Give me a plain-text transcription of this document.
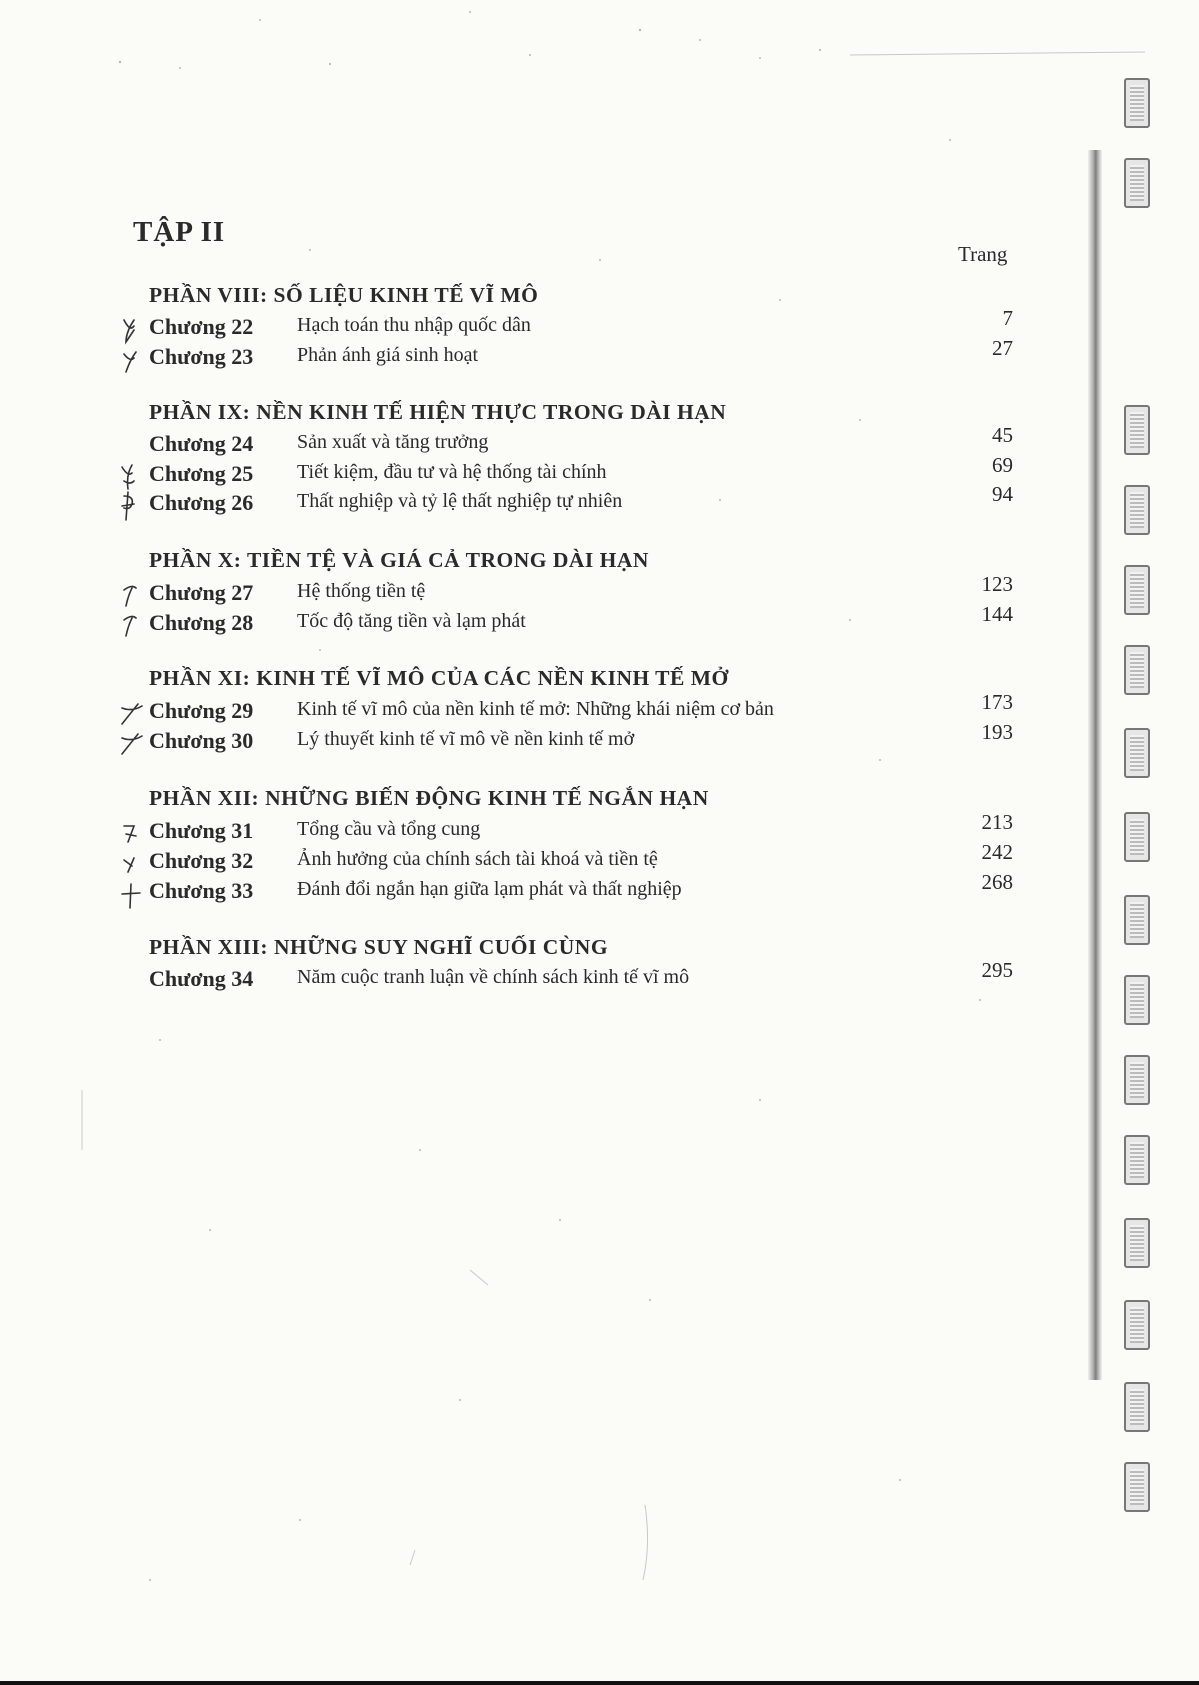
TẬP II
Trang
PHẦN VIII: SỐ LIỆU KINH TẾ VĨ MÔ
Chương 22 Hạch toán thu nhập quốc dân	7
Chương 23 Phản ánh giá sinh hoạt	27
PHẦN IX: NỀN KINH TẾ HIỆN THỰC TRONG DÀI HẠN
Chương 24 Sản xuất và tăng trưởng	45
Chương 25 Tiết kiệm, đầu tư và hệ thống tài chính	69
Chương 26 Thất nghiệp và tỷ lệ thất nghiệp tự nhiên	94
PHẦN X: TIỀN TỆ VÀ GIÁ CẢ TRONG DÀI HẠN
Chương 27 Hệ thống tiền tệ	123
Chương 28 Tốc độ tăng tiền và lạm phát	144
PHẦN XI: KINH TẾ VĨ MÔ CỦA CÁC NỀN KINH TẾ MỞ
Chương 29 Kinh tế vĩ mô của nền kinh tế mở: Những khái niệm cơ bản	173
Chương 30 Lý thuyết kinh tế vĩ mô về nền kinh tế mở	193
PHẦN XII: NHỮNG BIẾN ĐỘNG KINH TẾ NGẮN HẠN
Chương 31 Tổng cầu và tổng cung	213
Chương 32 Ảnh hưởng của chính sách tài khoá và tiền tệ	242
Chương 33 Đánh đổi ngắn hạn giữa lạm phát và thất nghiệp	268
PHẦN XIII: NHỮNG SUY NGHĨ CUỐI CÙNG
Chương 34 Năm cuộc tranh luận về chính sách kinh tế vĩ mô	295
